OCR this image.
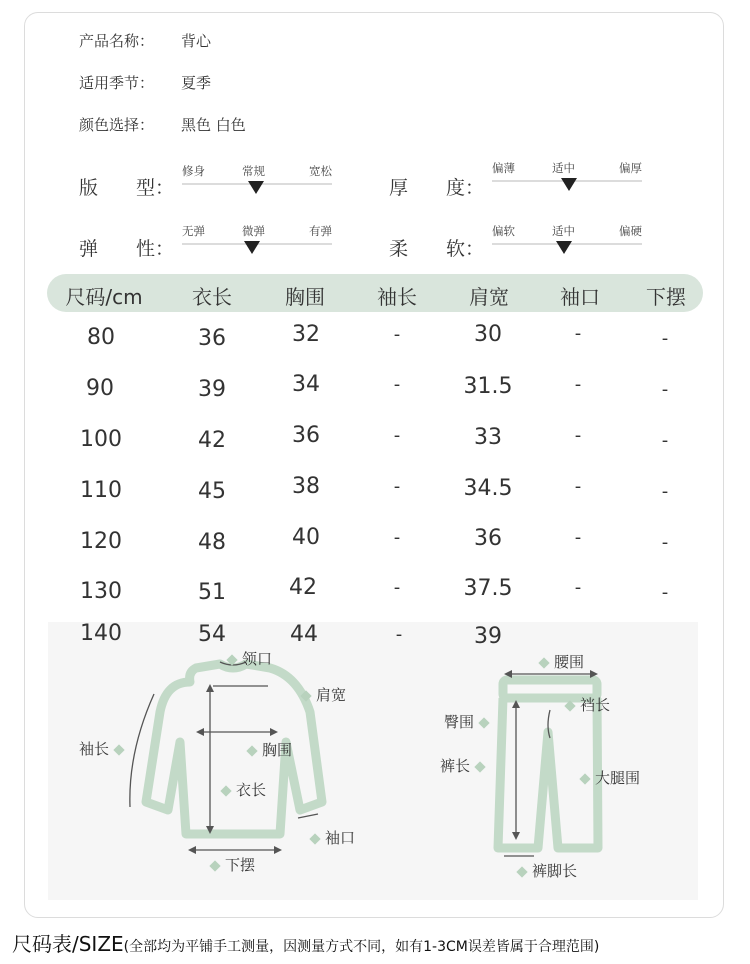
产品名称： 背心
适用季节： 夏季
颜色选择： 黑色 白色
版　　型：
修身	常规	宽松
厚　　度：
偏薄	适中	偏厚
弹　　性：
无弹	微弹	有弹
柔　　软：
偏软	适中	偏硬
尺码/cm 衣长	胸围	袖长	肩宽	袖口 下摆
80	36	32	-	30	-	-
90	39	34	-	31.5	-	-
100	42	36	-	33	-	-
110	45	38	-	34.5	-	-
120	48	40	-	36	-	-
130	51	42	-	37.5	-	-
领口
肩宽
袖长	胸围
衣长
袖口
下摆
腰围
裆长
臀围
裤长
大腿围
裤脚长
140	54	44	-	39
尺码表/SIZE(全部均为平铺手工测量，因测量方式不同，如有1-3CM误差皆属于合理范围)
